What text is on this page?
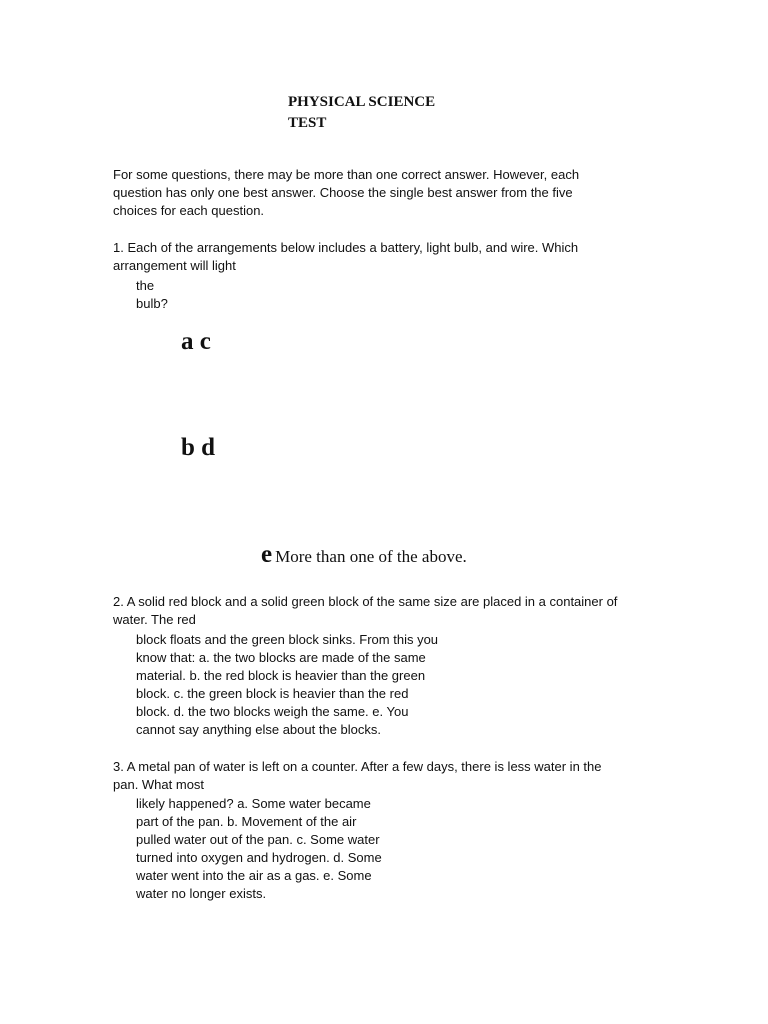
PHYSICAL SCIENCE
TEST

For some questions, there may be more than one correct answer. However, each
question has only one best answer. Choose the single best answer from the five
choices for each question.

1. Each of the arrangements below includes a battery, light bulb, and wire. Which
arrangement will light

the
bulb?

a c
b d
e More than one of the above.

2. A solid red block and a solid green block of the same size are placed in a container of
water. The red

block floats and the green block sinks. From this you
know that: a. the two blocks are made of the same
material. b. the red block is heavier than the green
block. c. the green block is heavier than the red
block. d. the two blocks weigh the same. e. You
cannot say anything else about the blocks.

3. A metal pan of water is left on a counter. After a few days, there is less water in the
pan. What most

likely happened? a. Some water became
part of the pan. b. Movement of the air
pulled water out of the pan. c. Some water
turned into oxygen and hydrogen. d. Some
water went into the air as a gas. e. Some
water no longer exists.
